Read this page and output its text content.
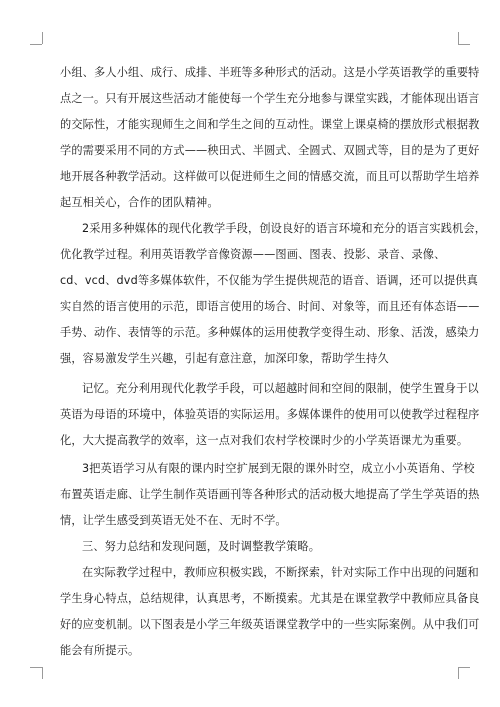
小组、多人小组、成行、成排、半班等多种形式的活动。这是小学英语教学的重要特
点之一。只有开展这些活动才能使每一个学生充分地参与课堂实践，才能体现出语言
的交际性，才能实现师生之间和学生之间的互动性。课堂上课桌椅的摆放形式根据教
学的需要采用不同的方式——秧田式、半圆式、全圆式、双圆式等，目的是为了更好
地开展各种教学活动。这样做可以促进师生之间的情感交流，而且可以帮助学生培养
起互相关心，合作的团队精神。
2采用多种媒体的现代化教学手段，创设良好的语言环境和充分的语言实践机会，
优化教学过程。利用英语教学音像资源——图画、图表、投影、录音、录像、
cd、vcd、dvd等多媒体软件，不仅能为学生提供规范的语音、语调，还可以提供真
实自然的语言使用的示范，即语言使用的场合、时间、对象等，而且还有体态语——
手势、动作、表情等的示范。多种媒体的运用使教学变得生动、形象、活泼，感染力
强，容易激发学生兴趣，引起有意注意，加深印象，帮助学生持久
记忆。充分利用现代化教学手段，可以超越时间和空间的限制，使学生置身于以
英语为母语的环境中，体验英语的实际运用。多媒体课件的使用可以使教学过程程序
化，大大提高教学的效率，这一点对我们农村学校课时少的小学英语课尤为重要。
3把英语学习从有限的课内时空扩展到无限的课外时空，成立小小英语角、学校
布置英语走廊、让学生制作英语画刊等各种形式的活动极大地提高了学生学英语的热
情，让学生感受到英语无处不在、无时不学。
三、努力总结和发现问题，及时调整教学策略。
在实际教学过程中，教师应积极实践，不断探索，针对实际工作中出现的问题和
学生身心特点，总结规律，认真思考，不断摸索。尤其是在课堂教学中教师应具备良
好的应变机制。以下图表是小学三年级英语课堂教学中的一些实际案例。从中我们可
能会有所提示。
